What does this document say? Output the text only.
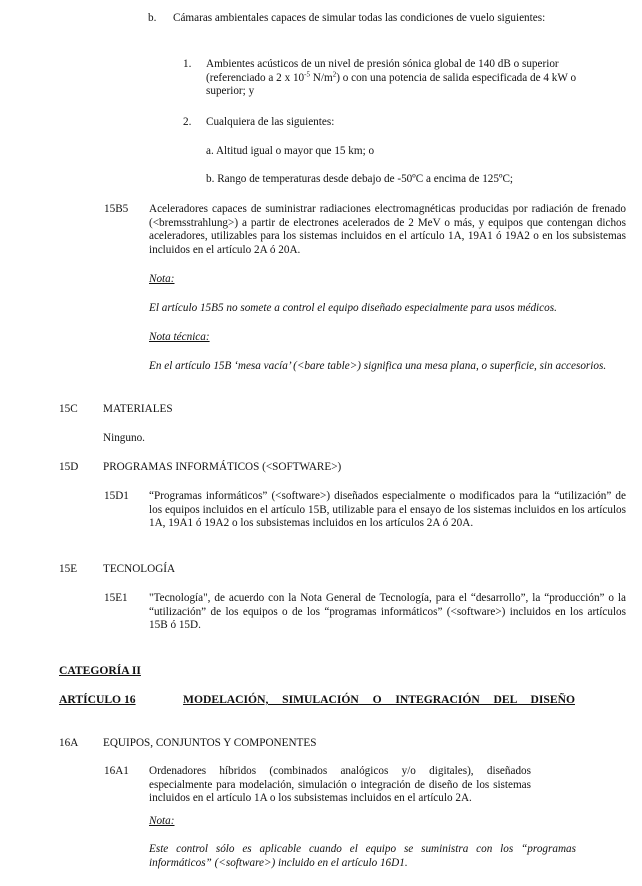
b. Cámaras ambientales capaces de simular todas las condiciones de vuelo siguientes:
1. Ambientes acústicos de un nivel de presión sónica global de 140 dB o superior
(referenciado a 2 x $10^{-5}$ $N/m^2$) o con una potencia de salida especificada de 4 kW o
superior; y
2. Cualquiera de las siguientes:
a. Altitud igual o mayor que 15 km; o
b. Rango de temperaturas desde debajo de -50ºC a encima de 125ºC;
15B5 Aceleradores capaces de suministrar radiaciones electromagnéticas producidas por radiación de frenado (<bremsstrahlung>) a partir de electrones acelerados de 2 MeV o más, y equipos que contengan dichos aceleradores, utilizables para los sistemas incluidos en el artículo 1A, 19A1 ó 19A2 o en los subsistemas incluidos en el artículo 2A ó 20A.
Nota:
El artículo 15B5 no somete a control el equipo diseñado especialmente para usos médicos.
Nota técnica:
En el artículo 15B ‘mesa vacía’ (<bare table>) significa una mesa plana, o superficie, sin accesorios.
15C MATERIALES
Ninguno.
15D PROGRAMAS INFORMÁTICOS (<SOFTWARE>)
15D1 “Programas informáticos” (<software>) diseñados especialmente o modificados para la “utilización” de los equipos incluidos en el artículo 15B, utilizable para el ensayo de los sistemas incluidos en los artículos 1A, 19A1 ó 19A2 o los subsistemas incluidos en los artículos 2A ó 20A.
15E TECNOLOGÍA
15E1 "Tecnología", de acuerdo con la Nota General de Tecnología, para el “desarrollo”, la “producción” o la “utilización” de los equipos o de los “programas informáticos” (<software>) incluidos en los artículos 15B ó 15D.
CATEGORÍA II
ARTÍCULO 16	MODELACIÓN, SIMULACIÓN O INTEGRACIÓN DEL DISEÑO
16A EQUIPOS, CONJUNTOS Y COMPONENTES
16A1 Ordenadores híbridos (combinados analógicos y/o digitales), diseñados especialmente para modelación, simulación o integración de diseño de los sistemas incluidos en el artículo 1A o los subsistemas incluidos en el artículo 2A.
Nota:
Este control sólo es aplicable cuando el equipo se suministra con los “programas informáticos” (<software>) incluido en el artículo 16D1.
